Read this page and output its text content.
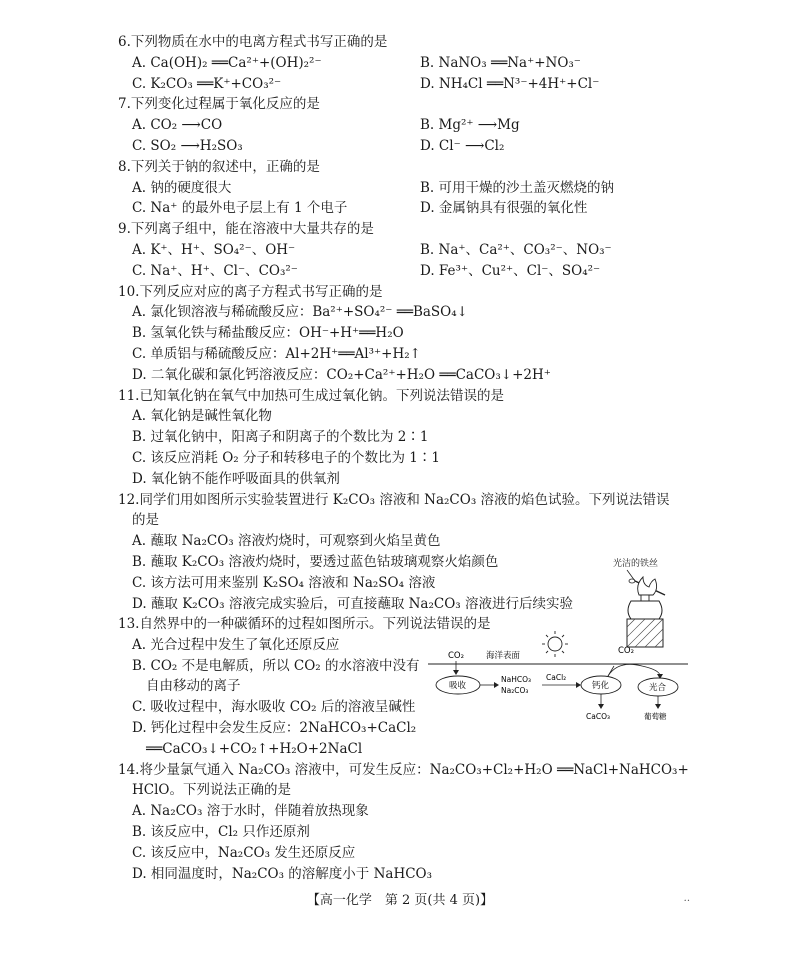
6.下列物质在水中的电离方程式书写正确的是
A. Ca(OH)₂ ══Ca²⁺+(OH)₂²⁻	B. NaNO₃ ══Na⁺+NO₃⁻
C. K₂CO₃ ══K⁺+CO₃²⁻	D. NH₄Cl ══N³⁻+4H⁺+Cl⁻
7.下列变化过程属于氧化反应的是
A. CO₂ ⟶CO	B. Mg²⁺ ⟶Mg
C. SO₂ ⟶H₂SO₃	D. Cl⁻ ⟶Cl₂
8.下列关于钠的叙述中，正确的是
A. 钠的硬度很大	B. 可用干燥的沙土盖灭燃烧的钠
C. Na⁺ 的最外电子层上有 1 个电子	D. 金属钠具有很强的氧化性
9.下列离子组中，能在溶液中大量共存的是
A. K⁺、H⁺、SO₄²⁻、OH⁻	B. Na⁺、Ca²⁺、CO₃²⁻、NO₃⁻
C. Na⁺、H⁺、Cl⁻、CO₃²⁻	D. Fe³⁺、Cu²⁺、Cl⁻、SO₄²⁻
10.下列反应对应的离子方程式书写正确的是
A. 氯化钡溶液与稀硫酸反应：Ba²⁺+SO₄²⁻ ══BaSO₄↓
B. 氢氧化铁与稀盐酸反应：OH⁻+H⁺══H₂O
C. 单质铝与稀硫酸反应：Al+2H⁺══Al³⁺+H₂↑
D. 二氧化碳和氯化钙溶液反应：CO₂+Ca²⁺+H₂O ══CaCO₃↓+2H⁺
11.已知氧化钠在氧气中加热可生成过氧化钠。下列说法错误的是
A. 氧化钠是碱性氧化物
B. 过氧化钠中，阳离子和阴离子的个数比为 2∶1
C. 该反应消耗 O₂ 分子和转移电子的个数比为 1∶1
D. 氧化钠不能作呼吸面具的供氧剂
12.同学们用如图所示实验装置进行 K₂CO₃ 溶液和 Na₂CO₃ 溶液的焰色试验。下列说法错误
的是
A. 蘸取 Na₂CO₃ 溶液灼烧时，可观察到火焰呈黄色
B. 蘸取 K₂CO₃ 溶液灼烧时，要透过蓝色钴玻璃观察火焰颜色
C. 该方法可用来鉴别 K₂SO₄ 溶液和 Na₂SO₄ 溶液
D. 蘸取 K₂CO₃ 溶液完成实验后，可直接蘸取 Na₂CO₃ 溶液进行后续实验
光洁的铁丝
13.自然界中的一种碳循环的过程如图所示。下列说法错误的是
14.将少量氯气通入 Na₂CO₃ 溶液中，可发生反应：Na₂CO₃+Cl₂+H₂O ══NaCl+NaHCO₃+
HClO。下列说法正确的是
【高一化学　第 2 页(共 4 页)】	··
A. 光合过程中发生了氧化还原反应
B. CO₂ 不是电解质，所以 CO₂ 的水溶液中没有
自由移动的离子
C. 吸收过程中，海水吸收 CO₂ 后的溶液呈碱性
D. 钙化过程中会发生反应：2NaHCO₃+CaCl₂
══CaCO₃↓+CO₂↑+H₂O+2NaCl
A. Na₂CO₃ 溶于水时，伴随着放热现象
B. 该反应中，Cl₂ 只作还原剂
C. 该反应中，Na₂CO₃ 发生还原反应
D. 相同温度时，Na₂CO₃ 的溶解度小于 NaHCO₃
CO₂	海洋表面	CO₂
吸收
NaHCO₃
Na₂CO₃
CaCl₂
钙化	光合
CaCO₃	葡萄糖
